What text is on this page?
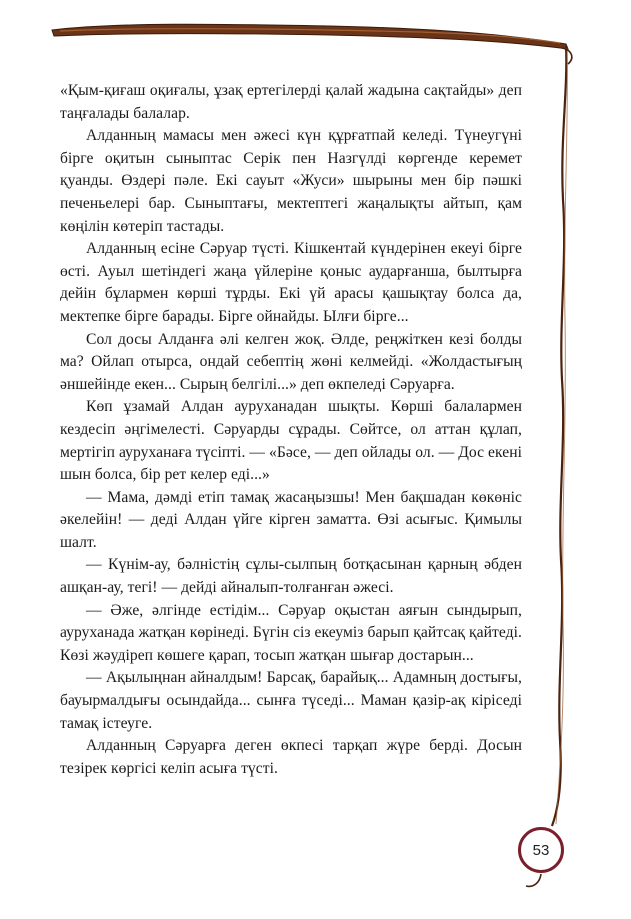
«Қым-қиғаш оқиғалы, ұзақ ертегілерді қалай жадына сақтайды» деп таңғалады балалар.

Алданның мамасы мен әжесі күн құрғатпай келеді. Түнеугүні бірге оқитын сыныптас Серік пен Назгүлді көргенде керемет қуанды. Өздері пәле. Екі сауыт «Жуси» шырыны мен бір пәшкі печеньелері бар. Сыныптағы, мектептегі жаңалықты айтып, қам көңілін көтеріп тастады.

Алданның есіне Сәруар түсті. Кішкентай күндерінен екеуі бірге өсті. Ауыл шетіндегі жаңа үйлеріне қоныс аударғанша, былтырға дейін бұлармен көрші тұрды. Екі үй арасы қашықтау болса да, мектепке бірге барады. Бірге ойнайды. Ылғи бірге...

Сол досы Алданға әлі келген жоқ. Әлде, реңжіткен кезі болды ма? Ойлап отырса, ондай себептің жөні келмейді. «Жолдастығың әншейінде екен... Сырың белгілі...» деп өкпеледі Сәруарға.

Көп ұзамай Алдан ауруханадан шықты. Көрші балалармен кездесіп әңгімелесті. Сәруарды сұрады. Сөйтсе, ол аттан құлап, мертігіп ауруханаға түсіпті. — «Бәсе, — деп ойлады ол. — Дос екені шын болса, бір рет келер еді...»

— Мама, дәмді етіп тамақ жасаңызшы! Мен бақшадан көкөніс әкелейін! — деді Алдан үйге кірген заматта. Өзі асығыс. Қимылы шалт.

— Күнім-ау, бәлністің сұлы-сылпың ботқасынан қарның әбден ашқан-ау, тегі! — дейді айналып-толғанған әжесі.

— Әже, әлгінде естідім... Сәруар оқыстан аяғын сындырып, ауруханада жатқан көрінеді. Бүгін сіз екеуміз барып қайтсақ қайтеді. Көзі жәудіреп көшеге қарап, тосып жатқан шығар достарын...

— Ақылыңнан айналдым! Барсақ, барайық... Адамның достығы, бауырмалдығы осындайда... сынға түседі... Маман қазір-ақ кіріседі тамақ істеуге.

Алданның Сәруарға деген өкпесі тарқап жүре берді. Досын тезірек көргісі келіп асыға түсті.

53
